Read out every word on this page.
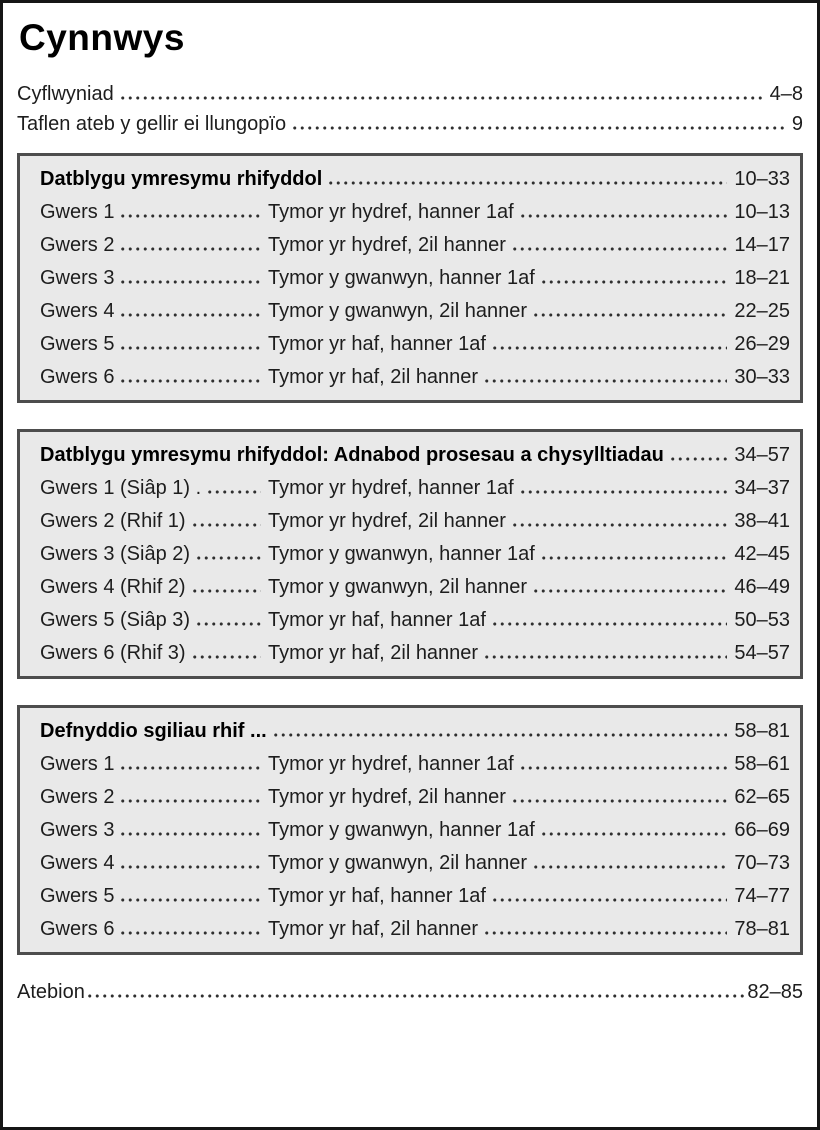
Cynnwys
Cyflwyniad	4–8
Taflen ateb y gellir ei llungopïo	9
Datblygu ymresymu rhifyddol	10–33
Gwers 1	Tymor yr hydref, hanner 1af	10–13
Gwers 2	Tymor yr hydref, 2il hanner	14–17
Gwers 3	Tymor y gwanwyn, hanner 1af	18–21
Gwers 4	Tymor y gwanwyn, 2il hanner	22–25
Gwers 5	Tymor yr haf, hanner 1af	26–29
Gwers 6	Tymor yr haf, 2il hanner	30–33
Datblygu ymresymu rhifyddol: Adnabod prosesau a chysylltiadau	34–57
Gwers 1 (Siâp 1) .	Tymor yr hydref, hanner 1af	34–37
Gwers 2 (Rhif 1)	Tymor yr hydref, 2il hanner	38–41
Gwers 3 (Siâp 2)	Tymor y gwanwyn, hanner 1af	42–45
Gwers 4 (Rhif 2)	Tymor y gwanwyn, 2il hanner	46–49
Gwers 5 (Siâp 3)	Tymor yr haf, hanner 1af	50–53
Gwers 6 (Rhif 3)	Tymor yr haf, 2il hanner	54–57
Defnyddio sgiliau rhif ...	58–81
Gwers 1	Tymor yr hydref, hanner 1af	58–61
Gwers 2	Tymor yr hydref, 2il hanner	62–65
Gwers 3	Tymor y gwanwyn, hanner 1af	66–69
Gwers 4	Tymor y gwanwyn, 2il hanner	70–73
Gwers 5	Tymor yr haf, hanner 1af	74–77
Gwers 6	Tymor yr haf, 2il hanner	78–81
Atebion	82–85
